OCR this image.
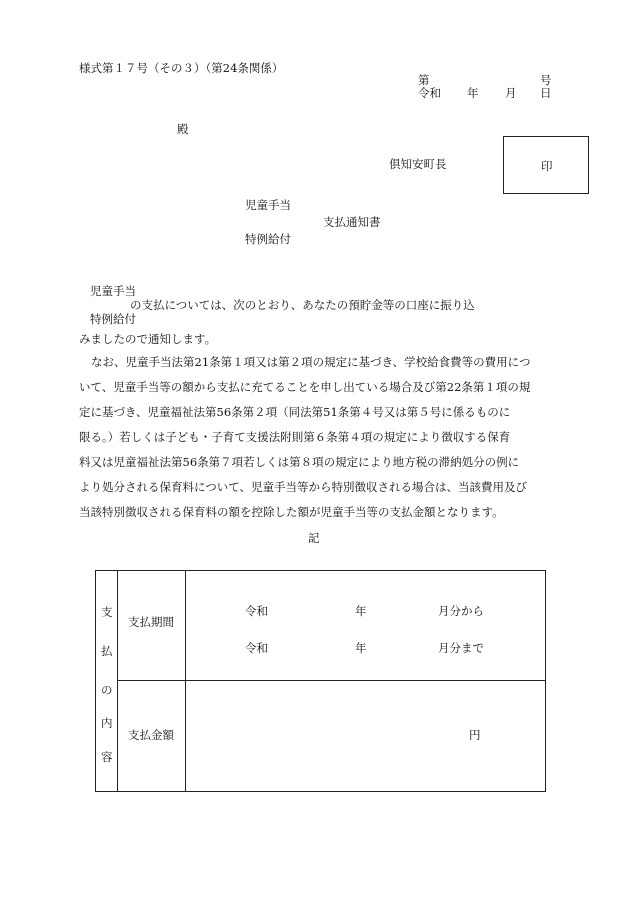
様式第１７号（その３）（第24条関係）
第	号
令和 年 月 日
殿
倶知安町長	印
児童手当
支払通知書
特例給付
児童手当
の支払については、次のとおり、あなたの預貯金等の口座に振り込
特例給付
みましたので通知します。
なお、児童手当法第21条第１項又は第２項の規定に基づき、学校給食費等の費用につ
いて、児童手当等の額から支払に充てることを申し出ている場合及び第22条第１項の規
定に基づき、児童福祉法第56条第２項（同法第51条第４号又は第５号に係るものに
限る。）若しくは子ども・子育て支援法附則第６条第４項の規定により徴収する保育
料又は児童福祉法第56条第７項若しくは第８項の規定により地方税の滞納処分の例に
より処分される保育料について、児童手当等から特別徴収される場合は、当該費用及び
当該特別徴収される保育料の額を控除した額が児童手当等の支払金額となります。
記
支
払
の
内
容
支払期間
令和	年	月分から
令和	年	月分まで
支払金額	円
